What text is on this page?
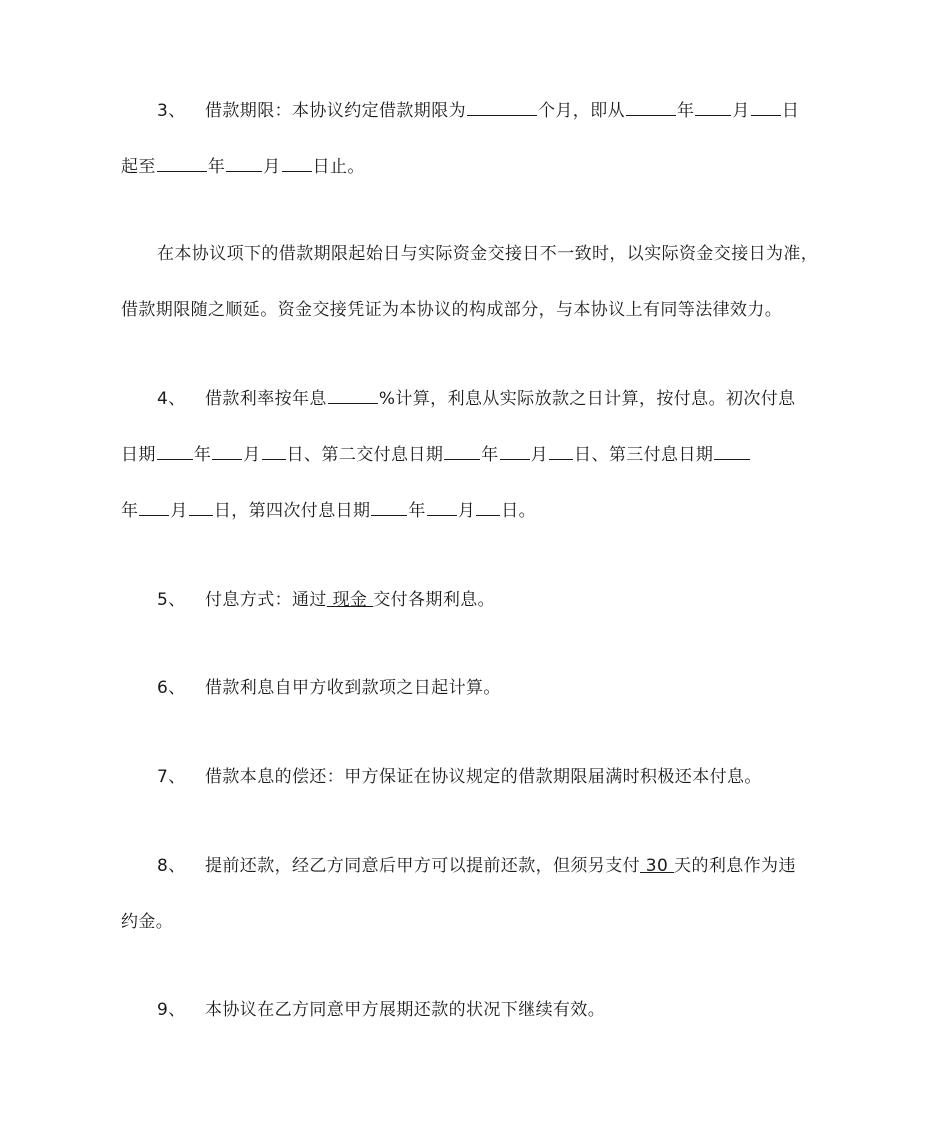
3、 借款期限：本协议约定借款期限为	个月，即从	年 月 日
起至	年 月 日止。
在本协议项下的借款期限起始日与实际资金交接日不一致时，以实际资金交接日为准，
借款期限随之顺延。资金交接凭证为本协议的构成部分，与本协议上有同等法律效力。
4、 借款利率按年息	%计算，利息从实际放款之日计算，按付息。初次付息
日期 年 月 日、第二交付息日期 年 月 日、第三付息日期
年 月 日，第四次付息日期 年 月 日。
5、 付息方式：通过 现金 交付各期利息。
6、 借款利息自甲方收到款项之日起计算。
7、 借款本息的偿还：甲方保证在协议规定的借款期限届满时积极还本付息。
8、 提前还款，经乙方同意后甲方可以提前还款，但须另支付 30 天的利息作为违
约金。
9、 本协议在乙方同意甲方展期还款的状况下继续有效。
